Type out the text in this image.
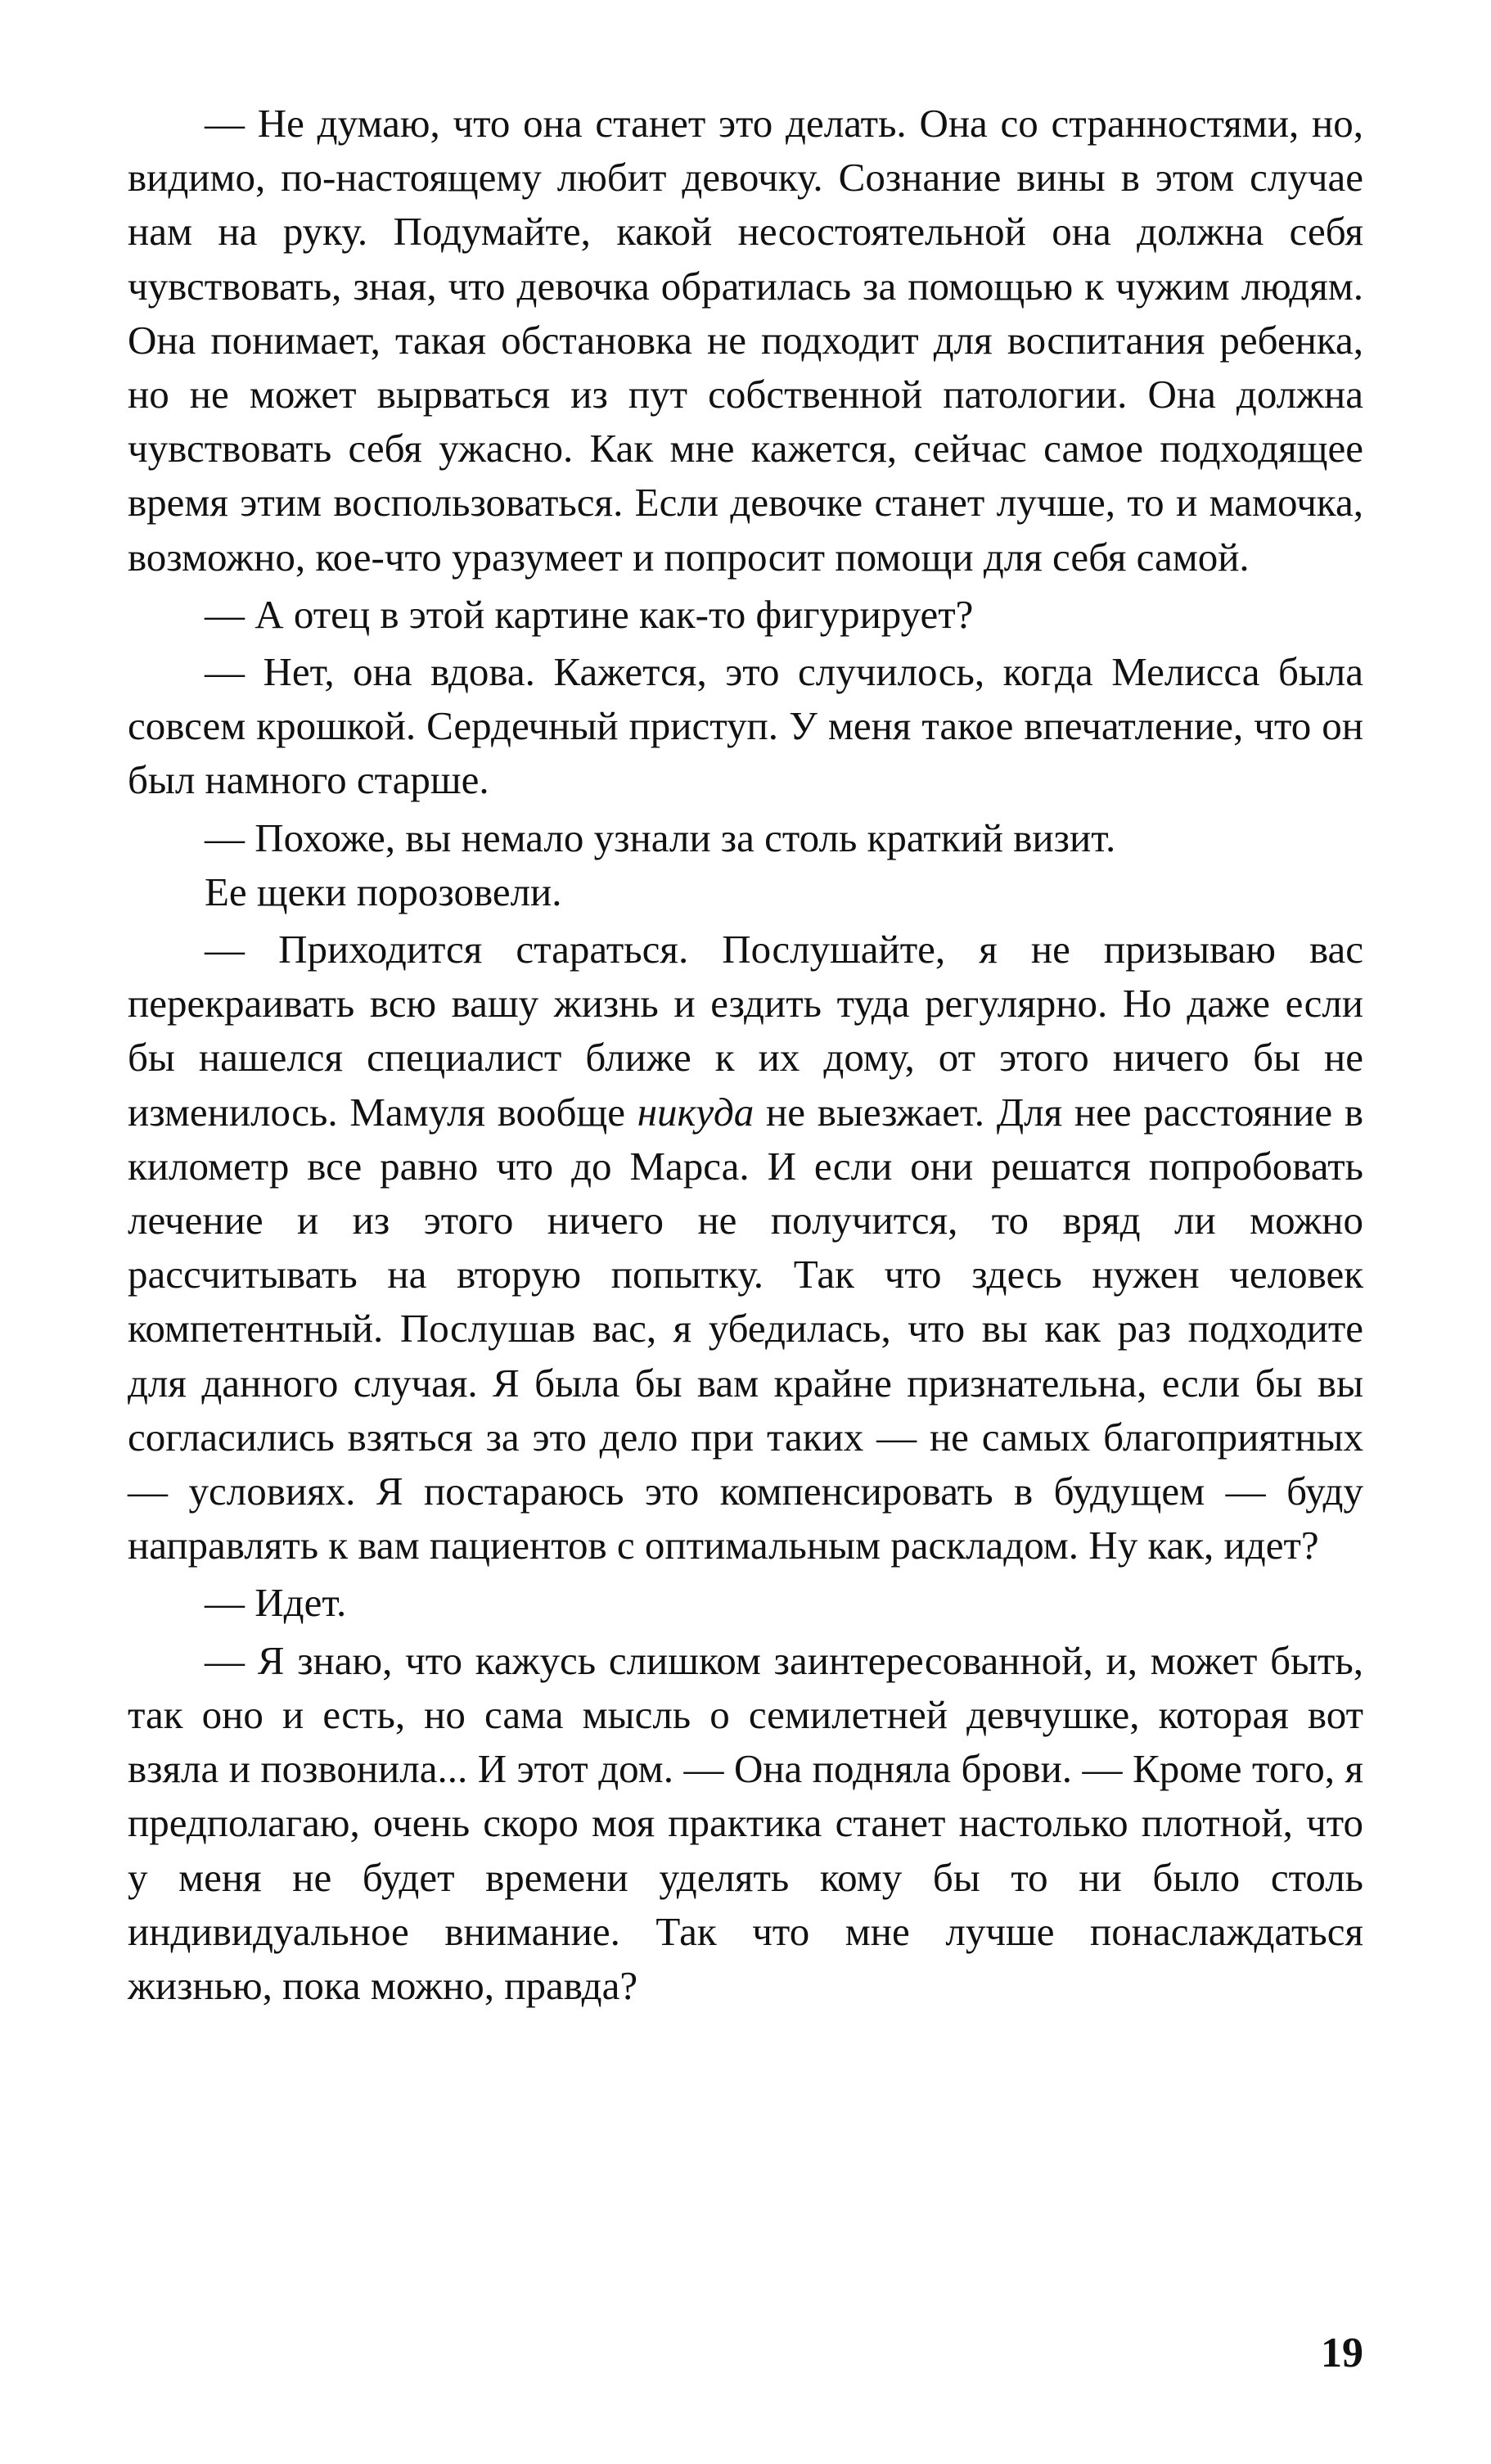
— Не думаю, что она станет это делать. Она со странностями, но, видимо, по-настоящему любит девочку. Сознание вины в этом случае нам на руку. Подумайте, какой несостоятельной она должна себя чувствовать, зная, что девочка обратилась за помощью к чужим людям. Она понимает, такая обстановка не подходит для воспитания ребенка, но не может вырваться из пут собственной патологии. Она должна чувствовать себя ужасно. Как мне кажется, сейчас самое подходящее время этим воспользоваться. Если девочке станет лучше, то и мамочка, возможно, кое-что уразумеет и попросит помощи для себя самой.

— А отец в этой картине как-то фигурирует?

— Нет, она вдова. Кажется, это случилось, когда Мелисса была совсем крошкой. Сердечный приступ. У меня такое впечатление, что он был намного старше.

— Похоже, вы немало узнали за столь краткий визит.

Ее щеки порозовели.

— Приходится стараться. Послушайте, я не призываю вас перекраивать всю вашу жизнь и ездить туда регулярно. Но даже если бы нашелся специалист ближе к их дому, от этого ничего бы не изменилось. Мамуля вообще никуда не выезжает. Для нее расстояние в километр все равно что до Марса. И если они решатся попробовать лечение и из этого ничего не получится, то вряд ли можно рассчитывать на вторую попытку. Так что здесь нужен человек компетентный. Послушав вас, я убедилась, что вы как раз подходите для данного случая. Я была бы вам крайне признательна, если бы вы согласились взяться за это дело при таких — не самых благоприятных — условиях. Я постараюсь это компенсировать в будущем — буду направлять к вам пациентов с оптимальным раскладом. Ну как, идет?

— Идет.

— Я знаю, что кажусь слишком заинтересованной, и, может быть, так оно и есть, но сама мысль о семилетней девчушке, которая вот взяла и позвонила... И этот дом. — Она подняла брови. — Кроме того, я предполагаю, очень скоро моя практика станет настолько плотной, что у меня не будет времени уделять кому бы то ни было столь индивидуальное внимание. Так что мне лучше понаслаждаться жизнью, пока можно, правда?

19
